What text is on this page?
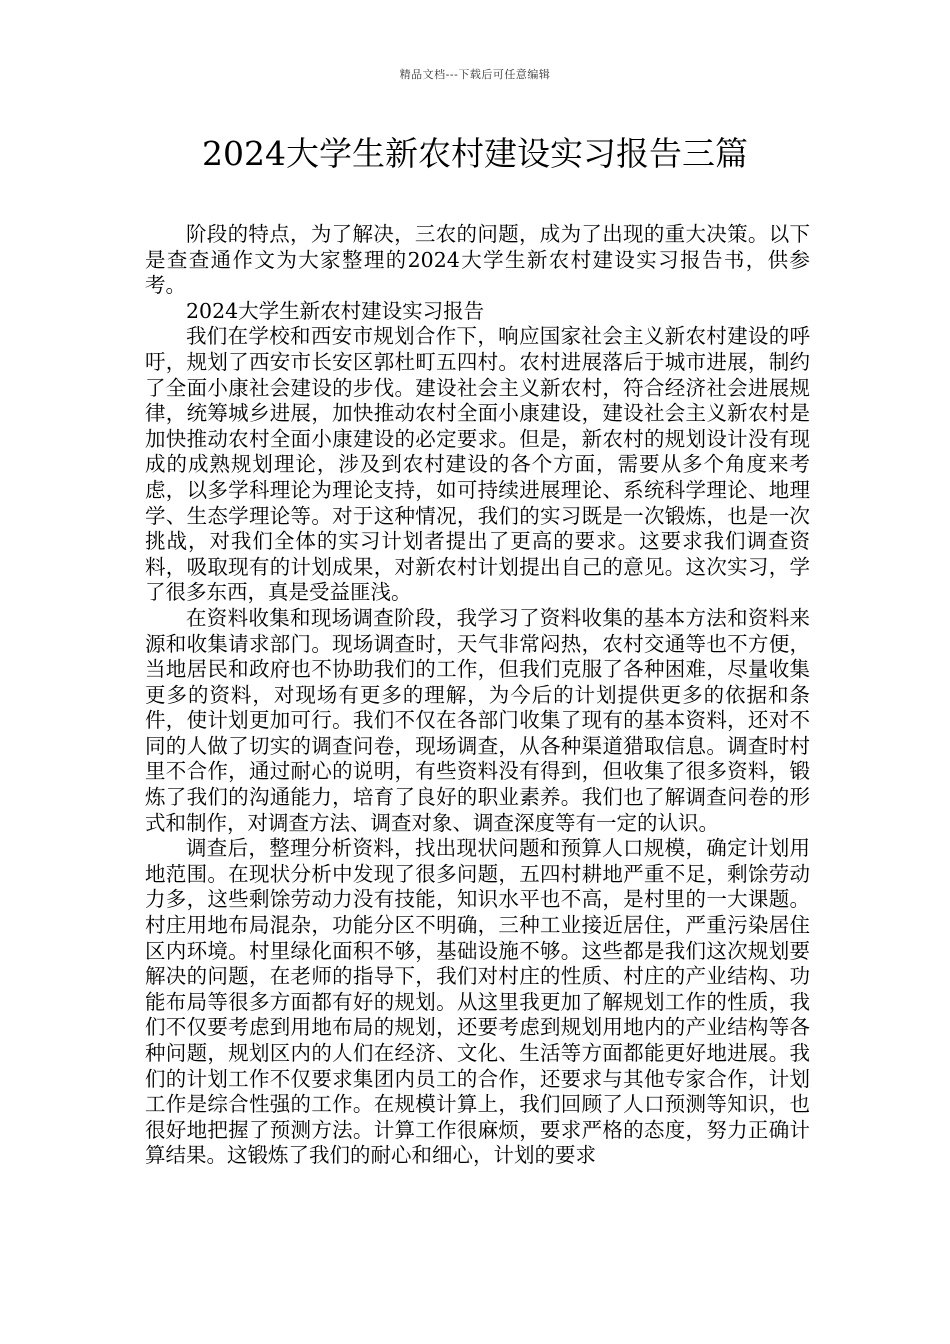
精品文档---下载后可任意编辑
2024大学生新农村建设实习报告三篇

阶段的特点，为了解决，三农的问题，成为了出现的重大决策。以下是查查通作文为大家整理的2024大学生新农村建设实习报告书，供参考。

2024大学生新农村建设实习报告

我们在学校和西安市规划合作下，响应国家社会主义新农村建设的呼吁，规划了西安市长安区郭杜町五四村。农村进展落后于城市进展，制约了全面小康社会建设的步伐。建设社会主义新农村，符合经济社会进展规律，统筹城乡进展，加快推动农村全面小康建设，建设社会主义新农村是加快推动农村全面小康建设的必定要求。但是，新农村的规划设计没有现成的成熟规划理论，涉及到农村建设的各个方面，需要从多个角度来考虑，以多学科理论为理论支持，如可持续进展理论、系统科学理论、地理学、生态学理论等。对于这种情况，我们的实习既是一次锻炼，也是一次挑战，对我们全体的实习计划者提出了更高的要求。这要求我们调查资料，吸取现有的计划成果，对新农村计划提出自己的意见。这次实习，学了很多东西，真是受益匪浅。

在资料收集和现场调查阶段，我学习了资料收集的基本方法和资料来源和收集请求部门。现场调查时，天气非常闷热，农村交通等也不方便，当地居民和政府也不协助我们的工作，但我们克服了各种困难，尽量收集更多的资料，对现场有更多的理解，为今后的计划提供更多的依据和条件，使计划更加可行。我们不仅在各部门收集了现有的基本资料，还对不同的人做了切实的调查问卷，现场调查，从各种渠道猎取信息。调查时村里不合作，通过耐心的说明，有些资料没有得到，但收集了很多资料，锻炼了我们的沟通能力，培育了良好的职业素养。我们也了解调查问卷的形式和制作，对调查方法、调查对象、调查深度等有一定的认识。

调查后，整理分析资料，找出现状问题和预算人口规模，确定计划用地范围。在现状分析中发现了很多问题，五四村耕地严重不足，剩馀劳动力多，这些剩馀劳动力没有技能，知识水平也不高，是村里的一大课题。村庄用地布局混杂，功能分区不明确，三种工业接近居住，严重污染居住区内环境。村里绿化面积不够，基础设施不够。这些都是我们这次规划要解决的问题，在老师的指导下，我们对村庄的性质、村庄的产业结构、功能布局等很多方面都有好的规划。从这里我更加了解规划工作的性质，我们不仅要考虑到用地布局的规划，还要考虑到规划用地内的产业结构等各种问题，规划区内的人们在经济、文化、生活等方面都能更好地进展。我们的计划工作不仅要求集团内员工的合作，还要求与其他专家合作，计划工作是综合性强的工作。在规模计算上，我们回顾了人口预测等知识，也很好地把握了预测方法。计算工作很麻烦，要求严格的态度，努力正确计算结果。这锻炼了我们的耐心和细心，计划的要求
